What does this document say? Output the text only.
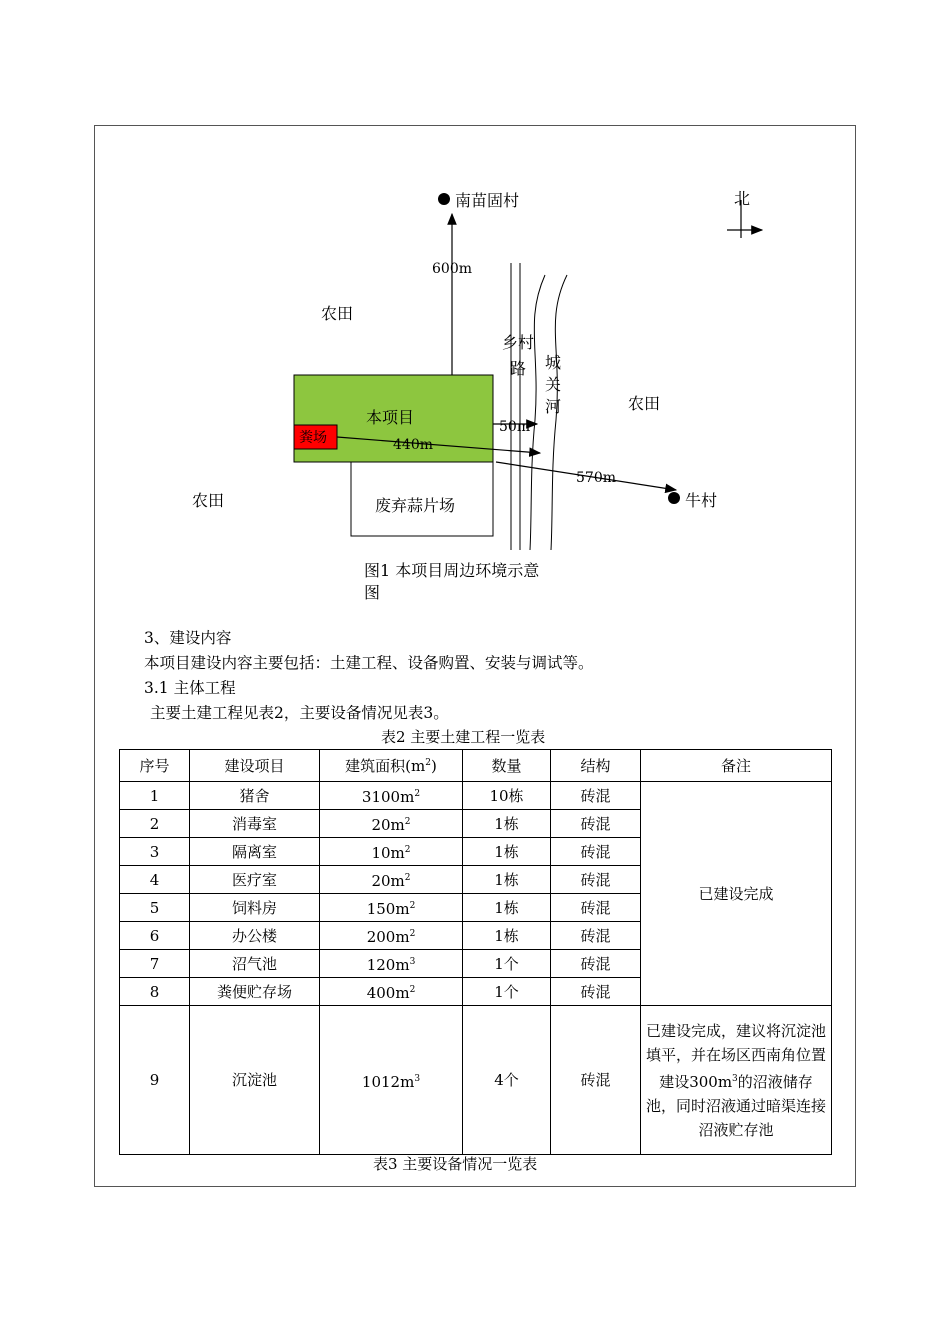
南苗固村	北
600m
农田
农田
农田
乡村路	城关河
本项目
粪场
50m
440m
570m
牛村
废弃蒜片场
图1 本项目周边环境示意
图
3、建设内容
本项目建设内容主要包括：土建工程、设备购置、安装与调试等。
3.1 主体工程
主要土建工程见表2，主要设备情况见表3。
表2 主要土建工程一览表
序号	建设项目	建筑面积$(m^2)$	数量	结构	备注
1	猪舍	$3100m^2$	10栋	砖混	已建设完成
2	消毒室	$20m^2$	1栋	砖混	
3	隔离室	$10m^2$	1栋	砖混	
4	医疗室	$20m^2$	1栋	砖混	
5	饲料房	$150m^2$	1栋	砖混	
6	办公楼	$200m^2$	1栋	砖混	
7	沼气池	$120m^3$	1个	砖混	
8	粪便贮存场	$400m^2$	1个	砖混	
9	沉淀池	$1012m^3$	4个	砖混	已建设完成，建议将沉淀池填平，并在场区西南角位置建设$300m^3$的沼液储存池，同时沼液通过暗渠连接沼液贮存池
表3 主要设备情况一览表
